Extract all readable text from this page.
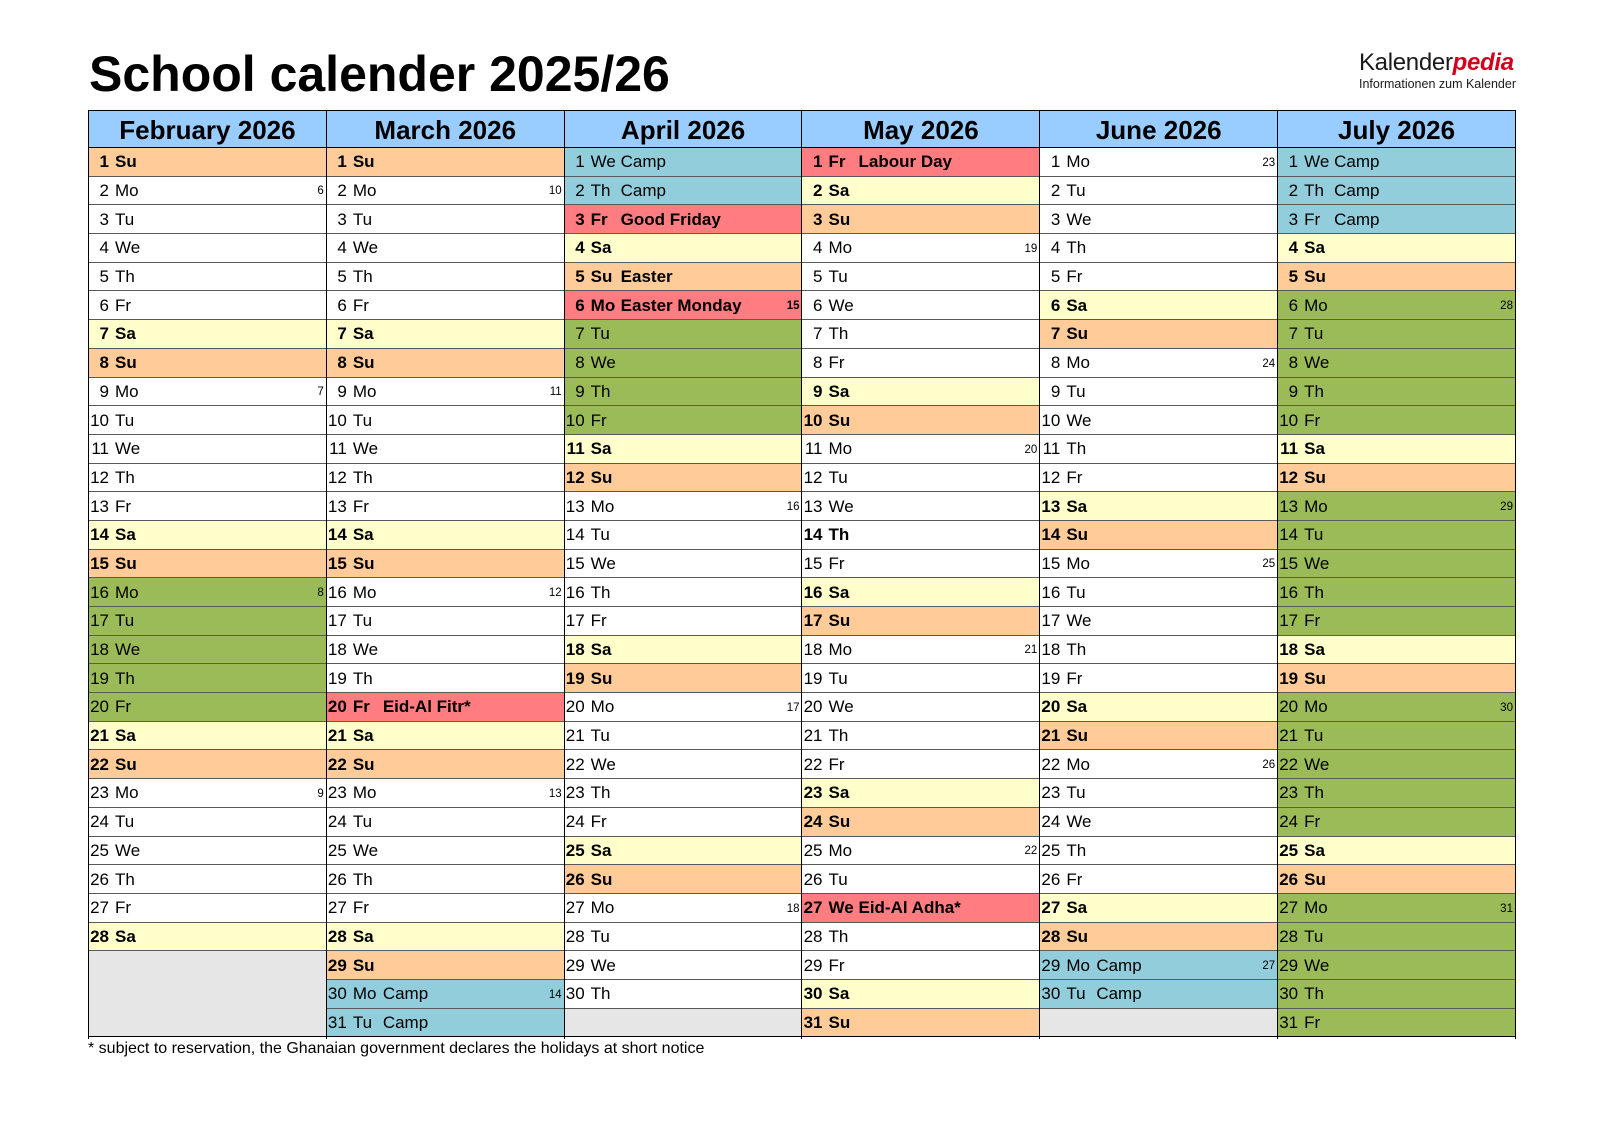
School calender 2025/26	Kalenderpedia
Informationen zum Kalender
February 2026
1 Su
2 Mo	6
3 Tu
4 We
5 Th
6 Fr
7 Sa
8 Su
9 Mo	7
10 Tu
11 We
12 Th
13 Fr
14 Sa
15 Su
16 Mo	8
17 Tu
18 We
19 Th
20 Fr
21 Sa
22 Su
23 Mo	9
24 Tu
25 We
26 Th
27 Fr
28 Sa
March 2026
1 Su
2 Mo	10
3 Tu
4 We
5 Th
6 Fr
7 Sa
8 Su
9 Mo	11
10 Tu
11 We
12 Th
13 Fr
14 Sa
15 Su
16 Mo	12
17 Tu
18 We
19 Th
20 Fr Eid-Al Fitr*
21 Sa
22 Su
23 Mo	13
24 Tu
25 We
26 Th
27 Fr
28 Sa
29 Su
30 Mo Camp	14
31 Tu Camp
April 2026
1 We Camp
2 Th Camp
3 Fr Good Friday
4 Sa
5 Su Easter
6 Mo Easter Monday	15
7 Tu
8 We
9 Th
10 Fr
11 Sa
12 Su
13 Mo	16
14 Tu
15 We
16 Th
17 Fr
18 Sa
19 Su
20 Mo	17
21 Tu
22 We
23 Th
24 Fr
25 Sa
26 Su
27 Mo	18
28 Tu
29 We
30 Th
May 2026
1 Fr Labour Day
2 Sa
3 Su
4 Mo	19
5 Tu
6 We
7 Th
8 Fr
9 Sa
10 Su
11 Mo	20
12 Tu
13 We
14 Th
15 Fr
16 Sa
17 Su
18 Mo	21
19 Tu
20 We
21 Th
22 Fr
23 Sa
24 Su
25 Mo	22
26 Tu
27 We Eid-Al Adha*
28 Th
29 Fr
30 Sa
31 Su
June 2026
1 Mo	23
2 Tu
3 We
4 Th
5 Fr
6 Sa
7 Su
8 Mo	24
9 Tu
10 We
11 Th
12 Fr
13 Sa
14 Su
15 Mo	25
16 Tu
17 We
18 Th
19 Fr
20 Sa
21 Su
22 Mo	26
23 Tu
24 We
25 Th
26 Fr
27 Sa
28 Su
29 Mo Camp	27
30 Tu Camp
July 2026
1 We Camp
2 Th Camp
3 Fr Camp
4 Sa
5 Su
6 Mo	28
7 Tu
8 We
9 Th
10 Fr
11 Sa
12 Su
13 Mo	29
14 Tu
15 We
16 Th
17 Fr
18 Sa
19 Su
20 Mo	30
21 Tu
22 We
23 Th
24 Fr
25 Sa
26 Su
27 Mo	31
28 Tu
29 We
30 Th
31 Fr
* subject to reservation, the Ghanaian government declares the holidays at short notice
